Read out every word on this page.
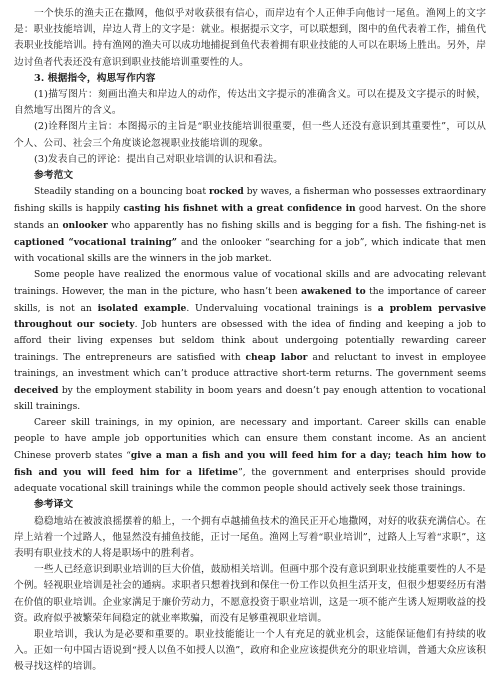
一个快乐的渔夫正在撒网，他似乎对收获很有信心，而岸边有个人正伸手向他讨一尾鱼。渔网上的文字是：职业技能培训，岸边人背上的文字是：就业。根据提示文字，可以联想到，图中的鱼代表着工作，捕鱼代表职业技能培训。持有渔网的渔夫可以成功地捕捉到鱼代表着拥有职业技能的人可以在职场上胜出。另外，岸边讨鱼者代表还没有意识到职业技能培训重要性的人。

3. 根据指令，构思写作内容

(1)描写图片：刻画出渔夫和岸边人的动作，传达出文字提示的准确含义。可以在提及文字提示的时候，自然地写出图片的含义。

(2)诠释图片主旨：本图揭示的主旨是“职业技能培训很重要，但一些人还没有意识到其重要性”，可以从个人、公司、社会三个角度谈论忽视职业技能培训的现象。

(3)发表自己的评论：提出自己对职业培训的认识和看法。

参考范文

Steadily standing on a bouncing boat rocked by waves, a fisherman who possesses extraordinary fishing skills is happily casting his fishnet with a great confidence in good harvest. On the shore stands an onlooker who apparently has no fishing skills and is begging for a fish. The fishing-net is captioned “vocational training” and the onlooker “searching for a job”, which indicate that men with vocational skills are the winners in the job market.

Some people have realized the enormous value of vocational skills and are advocating relevant trainings. However, the man in the picture, who hasn’t been awakened to the importance of career skills, is not an isolated example. Undervaluing vocational trainings is a problem pervasive throughout our society. Job hunters are obsessed with the idea of finding and keeping a job to afford their living expenses but seldom think about undergoing potentially rewarding career trainings. The entrepreneurs are satisfied with cheap labor and reluctant to invest in employee trainings, an investment which can’t produce attractive short-term returns. The government seems deceived by the employment stability in boom years and doesn’t pay enough attention to vocational skill trainings.

Career skill trainings, in my opinion, are necessary and important. Career skills can enable people to have ample job opportunities which can ensure them constant income. As an ancient Chinese proverb states “give a man a fish and you will feed him for a day; teach him how to fish and you will feed him for a lifetime”, the government and enterprises should provide adequate vocational skill trainings while the common people should actively seek those trainings.

参考译文

稳稳地站在被波浪摇摆着的船上，一个拥有卓越捕鱼技术的渔民正开心地撒网，对好的收获充满信心。在岸上站着一个过路人，他显然没有捕鱼技能，正讨一尾鱼。渔网上写着“职业培训”，过路人上写着“求职”，这表明有职业技术的人将是职场中的胜利者。

一些人已经意识到职业培训的巨大价值，鼓励相关培训。但画中那个没有意识到职业技能重要性的人不是个例。轻视职业培训是社会的通病。求职者只想着找到和保住一份工作以负担生活开支，但很少想要经历有潜在价值的职业培训。企业家满足于廉价劳动力，不愿意投资于职业培训，这是一项不能产生诱人短期收益的投资。政府似乎被繁荣年间稳定的就业率欺骗，而没有足够重视职业培训。

职业培训，我认为是必要和重要的。职业技能能让一个人有充足的就业机会，这能保证他们有持续的收入。正如一句中国古语说到“授人以鱼不如授人以渔”，政府和企业应该提供充分的职业培训，普通大众应该积极寻找这样的培训。
